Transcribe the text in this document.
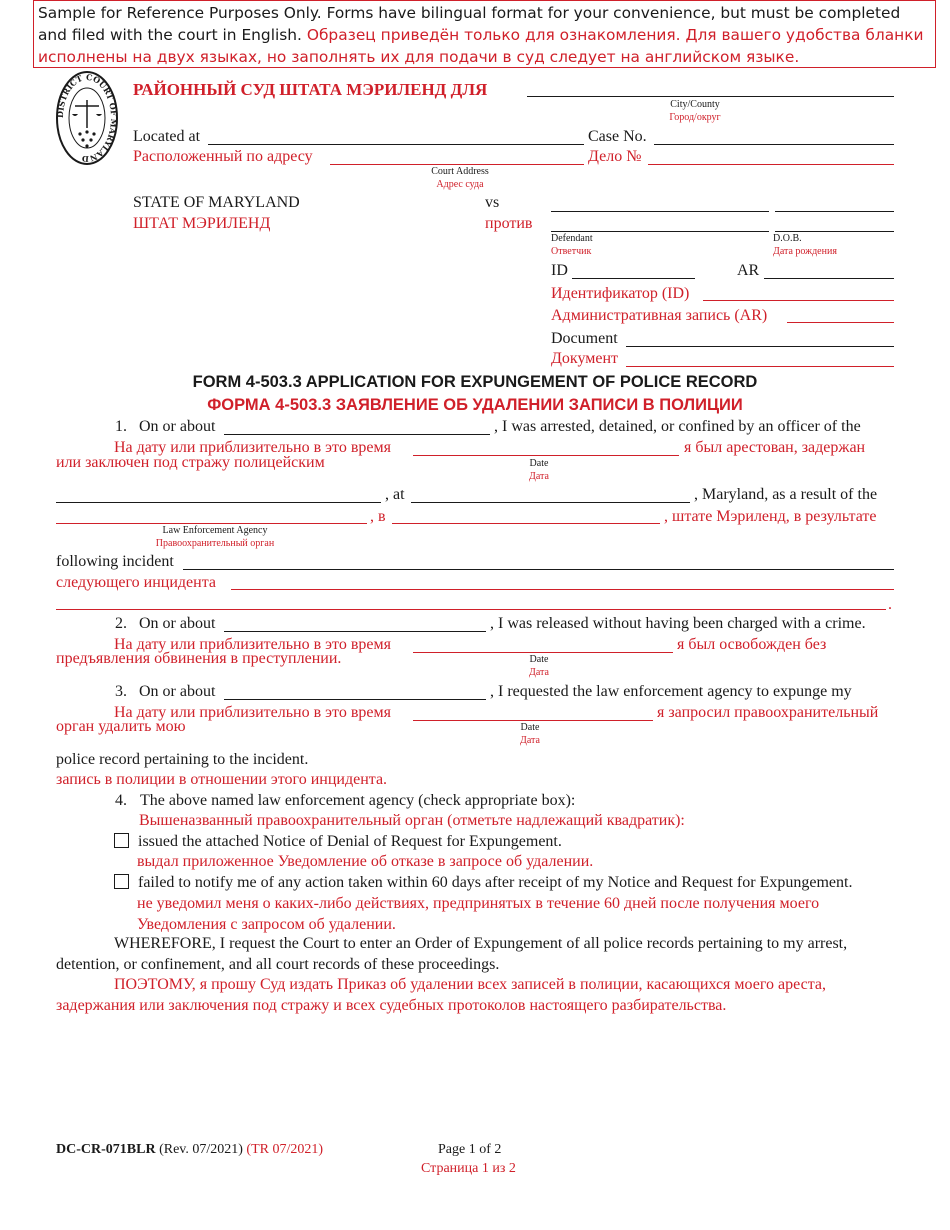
Sample for Reference Purposes Only. Forms have bilingual format for your convenience, but must be completed and filed with the court in English. Образец приведён только для ознакомления. Для вашего удобства бланки исполнены на двух языках, но заполнять их для подачи в суд следует на английском языке.
ISTRICT COURT OF ARYLAND
РАЙОННЫЙ СУД ШТАТА МЭРИЛЕНД ДЛЯ
City/County
Город/округ
Located at
Расположенный по адресу
Court Address
Адрес суда
Case No.
Дело №
STATE OF MARYLAND
ШТАТ МЭРИЛЕНД
vs
против
Defendant
Ответчик
D.O.B.
Дата рождения
ID	AR
Идентификатор (ID)
Административная запись (AR)
Document
Документ
FORM 4-503.3 APPLICATION FOR EXPUNGEMENT OF POLICE RECORD
ФОРМА 4-503.3 ЗАЯВЛЕНИЕ ОБ УДАЛЕНИИ ЗАПИСИ В ПОЛИЦИИ
1. On or about	, I was arrested, detained, or confined by an officer of the
На дату или приблизительно в это время	я был арестован, задержан
или заключен под стражу полицейским	Date
Дата
, at	, Maryland, as a result of the
, в	, штате Мэриленд, в результате
Law Enforcement Agency
Правоохранительный орган
following incident
следующего инцидента
.
2. On or about	, I was released without having been charged with a crime.
На дату или приблизительно в это время	я был освобожден без
предъявления обвинения в преступлении.	Date
Дата
3. On or about	, I requested the law enforcement agency to expunge my
На дату или приблизительно в это время	я запросил правоохранительный
орган удалить мою	Date
Дата
police record pertaining to the incident.
запись в полиции в отношении этого инцидента.
4. The above named law enforcement agency (check appropriate box):
Вышеназванный правоохранительный орган (отметьте надлежащий квадратик):
issued the attached Notice of Denial of Request for Expungement.
выдал приложенное Уведомление об отказе в запросе об удалении.
failed to notify me of any action taken within 60 days after receipt of my Notice and Request for Expungement.
не уведомил меня о каких-либо действиях, предпринятых в течение 60 дней после получения моего
Уведомления с запросом об удалении.
WHEREFORE, I request the Court to enter an Order of Expungement of all police records pertaining to my arrest,
detention, or confinement, and all court records of these proceedings.
ПОЭТОМУ, я прошу Суд издать Приказ об удалении всех записей в полиции, касающихся моего ареста,
задержания или заключения под стражу и всех судебных протоколов настоящего разбирательства.
DC-CR-071BLR (Rev. 07/2021) (TR 07/2021)	Page 1 of 2
Страница 1 из 2
